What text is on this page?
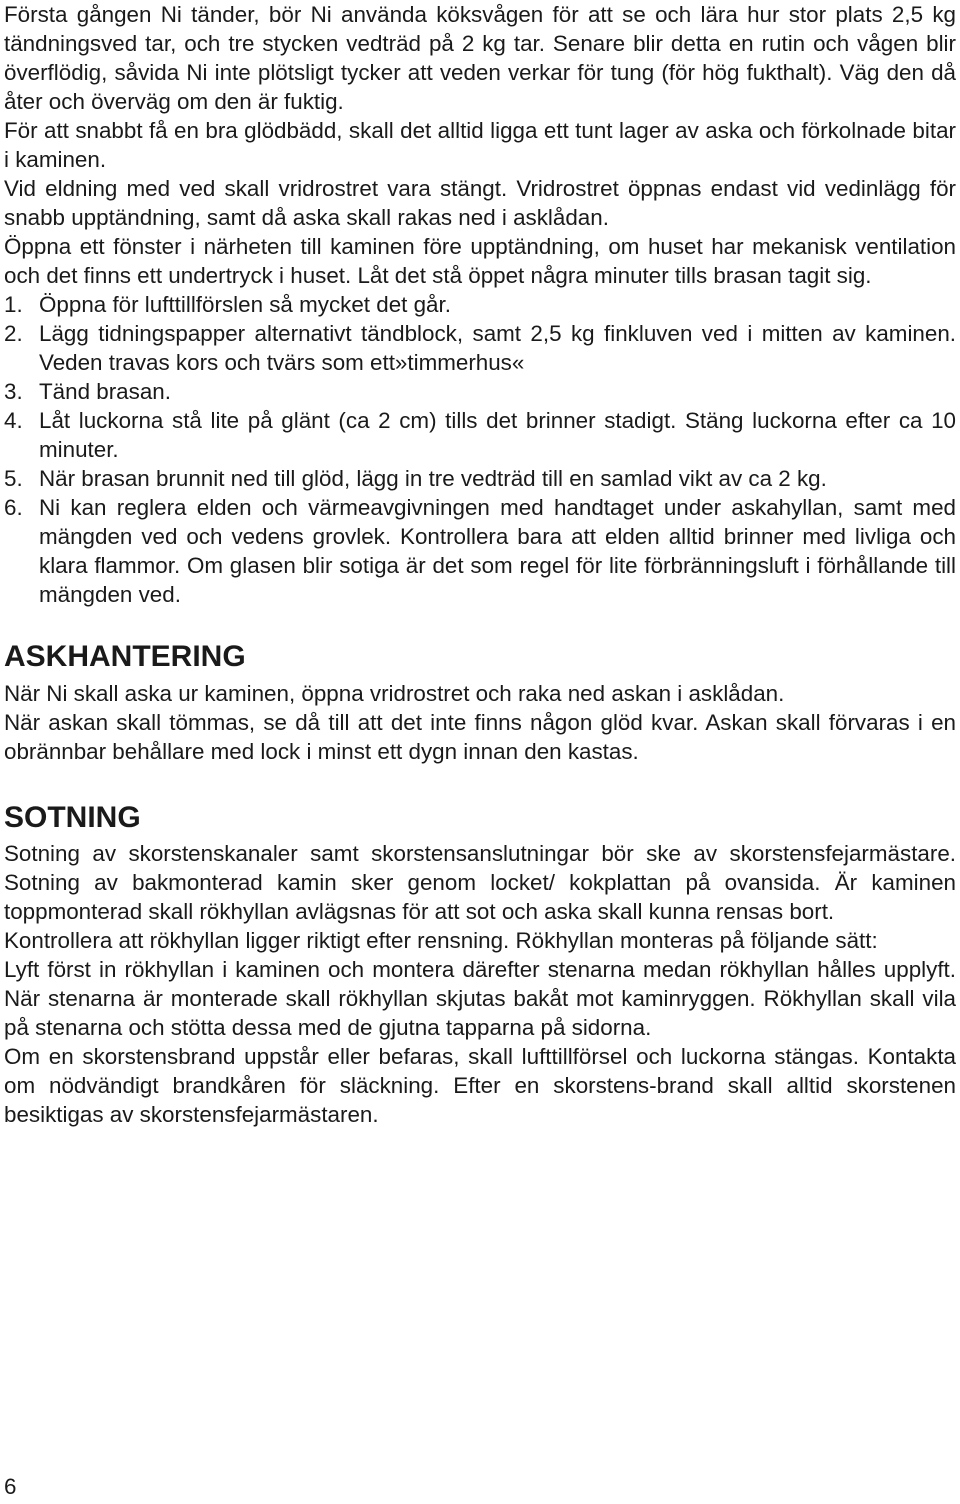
Första gången Ni tänder, bör Ni använda köksvågen för att se och lära hur stor plats 2,5 kg tändningsved tar, och tre stycken vedträd på 2 kg tar. Senare blir detta en rutin och vågen blir överflödig, såvida Ni inte plötsligt tycker att veden verkar för tung (för hög fukthalt). Väg den då åter och överväg om den är fuktig.

För att snabbt få en bra glödbädd, skall det alltid ligga ett tunt lager av aska och förkolnade bitar i kaminen.

Vid eldning med ved skall vridrostret vara stängt. Vridrostret öppnas endast vid vedinlägg för snabb upptändning, samt då aska skall rakas ned i asklådan.

Öppna ett fönster i närheten till kaminen före upptändning, om huset har mekanisk ventilation och det finns ett undertryck i huset. Låt det stå öppet några minuter tills brasan tagit sig.

1. Öppna för lufttillförslen så mycket det går.
2. Lägg tidningspapper alternativt tändblock, samt 2,5 kg finkluven ved i mitten av kaminen. Veden travas kors och tvärs som ett»timmerhus«
3. Tänd brasan.
4. Låt luckorna stå lite på glänt (ca 2 cm) tills det brinner stadigt. Stäng luckorna efter ca 10 minuter.
5. När brasan brunnit ned till glöd, lägg in tre vedträd till en samlad vikt av ca 2 kg.
6. Ni kan reglera elden och värmeavgivningen med handtaget under askahyllan, samt med mängden ved och vedens grovlek. Kontrollera bara att elden alltid brinner med livliga och klara flammor. Om glasen blir sotiga är det som regel för lite förbränningsluft i förhållande till mängden ved.
ASKHANTERING

När Ni skall aska ur kaminen, öppna vridrostret och raka ned askan i asklådan.

När askan skall tömmas, se då till att det inte finns någon glöd kvar. Askan skall förvaras i en obrännbar behållare med lock i minst ett dygn innan den kastas.

SOTNING

Sotning av skorstenskanaler samt skorstensanslutningar bör ske av skorstensfejarmästare. Sotning av bakmonterad kamin sker genom locket/ kokplattan på ovansida. Är kaminen toppmonterad skall rökhyllan avlägsnas för att sot och aska skall kunna rensas bort.

Kontrollera att rökhyllan ligger riktigt efter rensning. Rökhyllan monteras på följande sätt:

Lyft först in rökhyllan i kaminen och montera därefter stenarna medan rökhyllan hålles upplyft. När stenarna är monterade skall rökhyllan skjutas bakåt mot kaminryggen. Rökhyllan skall vila på stenarna och stötta dessa med de gjutna tapparna på sidorna.

Om en skorstensbrand uppstår eller befaras, skall lufttillförsel och luckorna stängas. Kontakta om nödvändigt brandkåren för släckning. Efter en skorstens-brand skall alltid skorstenen besiktigas av skorstensfejarmästaren.

6
